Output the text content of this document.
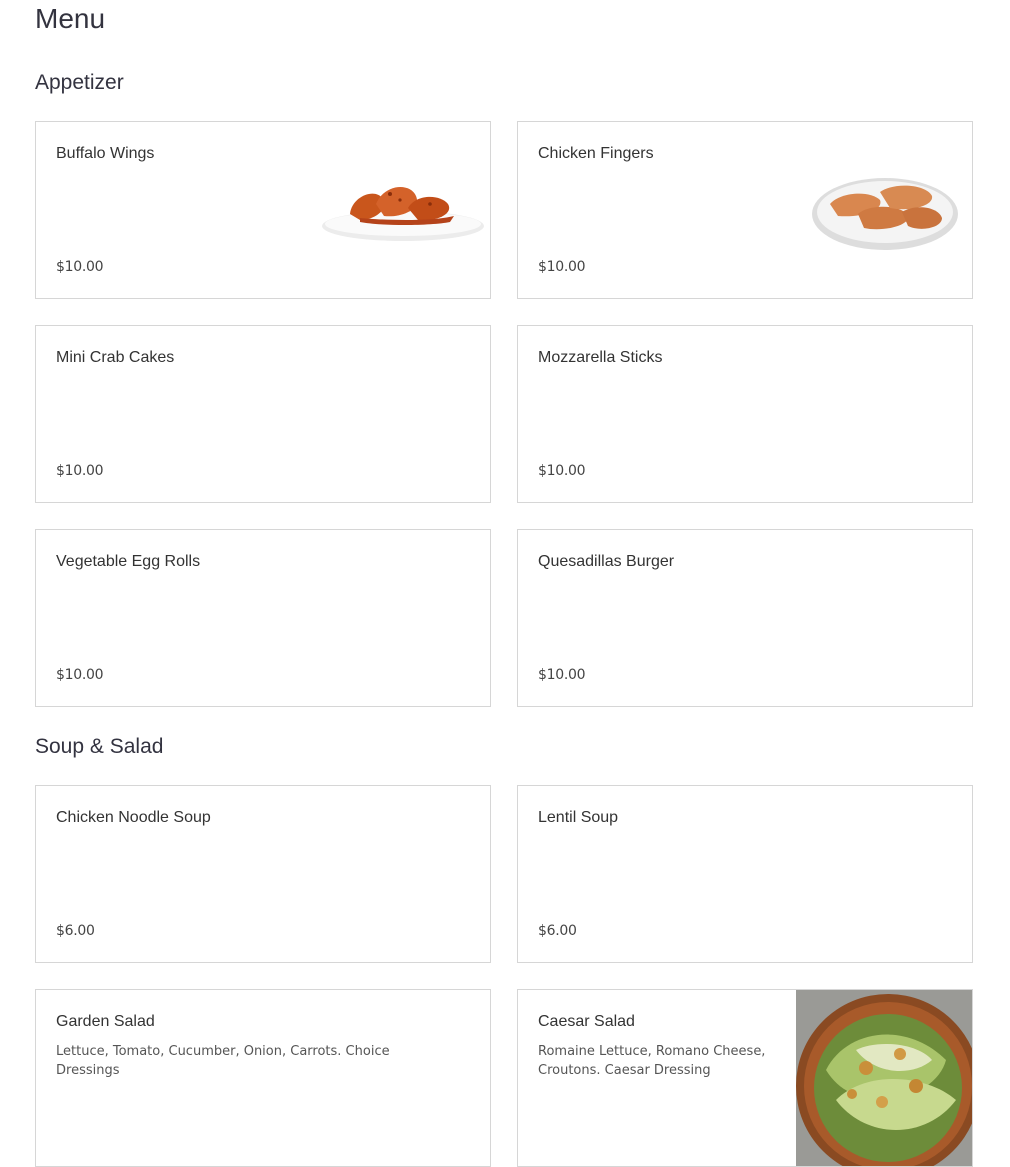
Menu
Appetizer
Buffalo Wings
$10.00
Chicken Fingers
$10.00
Mini Crab Cakes
$10.00
Mozzarella Sticks
$10.00
Vegetable Egg Rolls
$10.00
Quesadillas Burger
$10.00
Soup & Salad
Chicken Noodle Soup
$6.00
Lentil Soup
$6.00
Garden Salad
Lettuce, Tomato, Cucumber, Onion, Carrots. Choice Dressings
Caesar Salad
Romaine Lettuce, Romano Cheese, Croutons. Caesar Dressing
